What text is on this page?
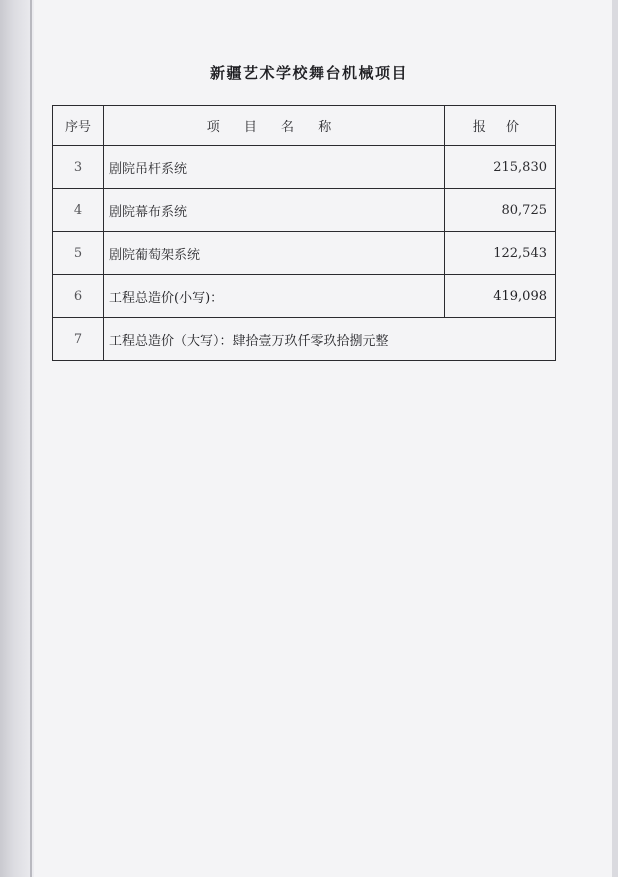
新疆艺术学校舞台机械项目
序号	项 目 名 称	报 价
3	剧院吊杆系统	215,830
4	剧院幕布系统	80,725
5	剧院葡萄架系统	122,543
6	工程总造价(小写)：	419,098
7	工程总造价（大写）：肆拾壹万玖仟零玖拾捌元整	
